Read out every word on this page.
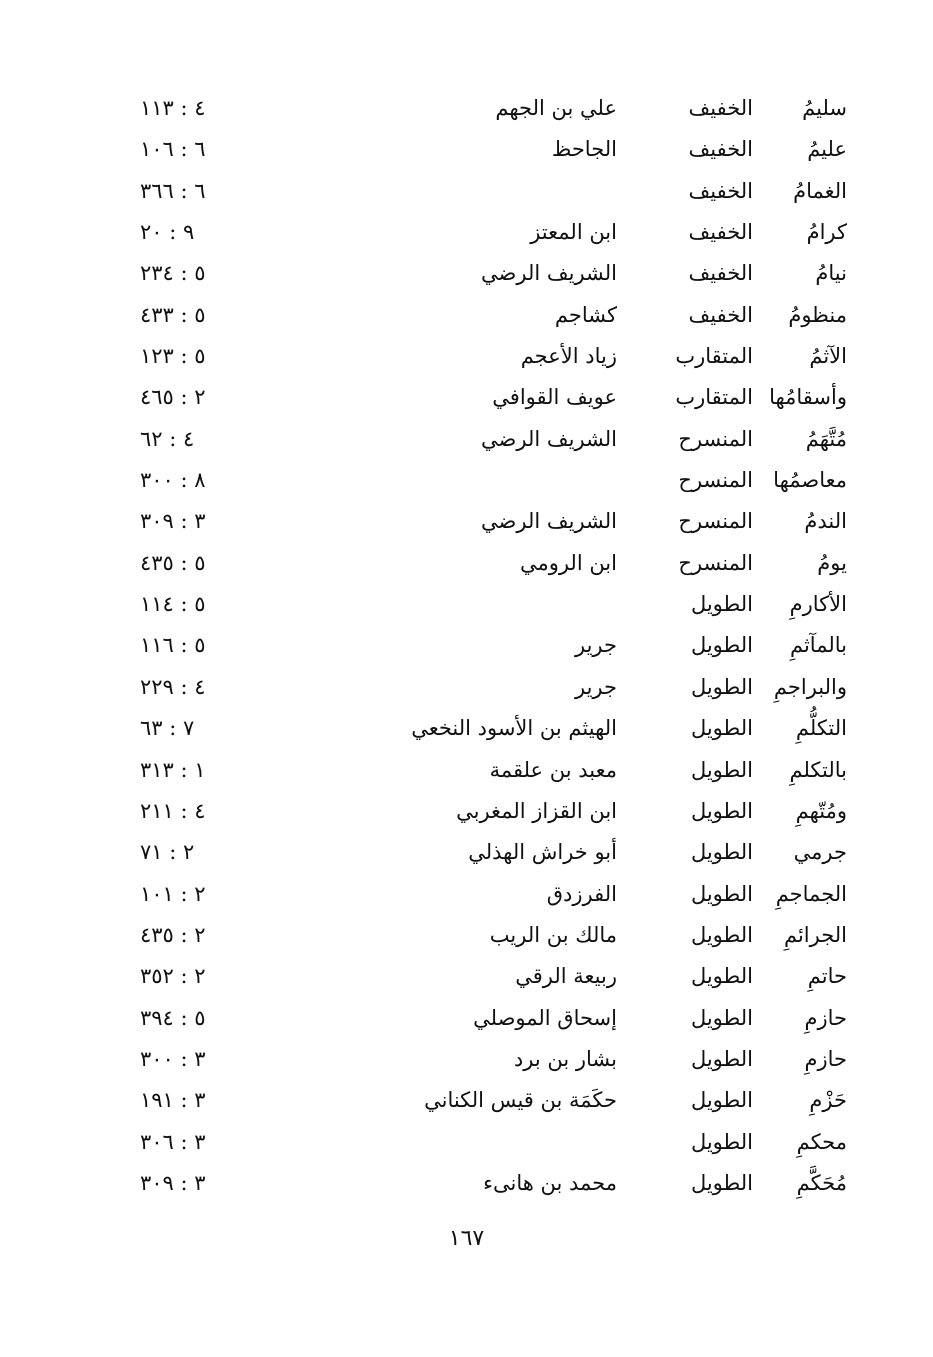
سليمُ
الخفيف
علي بن الجهم
٤ : ١١٣
عليمُ
الخفيف
الجاحظ
٦ : ١٠٦
الغمامُ
الخفيف
٦ : ٣٦٦
كرامُ
الخفيف
ابن المعتز
٩ : ٢٠
نيامُ
الخفيف
الشريف الرضي
٥ : ٢٣٤
منظومُ
الخفيف
كشاجم
٥ : ٤٣٣
الآثمُ
المتقارب
زياد الأعجم
٥ : ١٢٣
وأسقامُها
المتقارب
عويف القوافي
٢ : ٤٦٥
مُتَّهَمُ
المنسرح
الشريف الرضي
٤ : ٦٢
معاصمُها
المنسرح
٨ : ٣٠٠
الندمُ
المنسرح
الشريف الرضي
٣ : ٣٠٩
يومُ
المنسرح
ابن الرومي
٥ : ٤٣٥
الأكارمِ
الطويل
٥ : ١١٤
بالمآثمِ
الطويل
جرير
٥ : ١١٦
والبراجمِ
الطويل
جرير
٤ : ٢٢٩
التكلُّمِ
الطويل
الهيثم بن الأسود النخعي
٧ : ٦٣
بالتكلمِ
الطويل
معبد بن علقمة
١ : ٣١٣
ومُتّهمِ
الطويل
ابن القزاز المغربي
٤ : ٢١١
جرمي
الطويل
أبو خراش الهذلي
٢ : ٧١
الجماجمِ
الطويل
الفرزدق
٢ : ١٠١
الجرائمِ
الطويل
مالك بن الريب
٢ : ٤٣٥
حاتمِ
الطويل
ربيعة الرقي
٢ : ٣٥٢
حازمِ
الطويل
إسحاق الموصلي
٥ : ٣٩٤
حازمِ
الطويل
بشار بن برد
٣ : ٣٠٠
حَزْمِ
الطويل
حكَمَة بن قيس الكناني
٣ : ١٩١
محكمِ
الطويل
٣ : ٣٠٦
مُحَكَّمِ
الطويل
محمد بن هانىء
٣ : ٣٠٩
١٦٧
